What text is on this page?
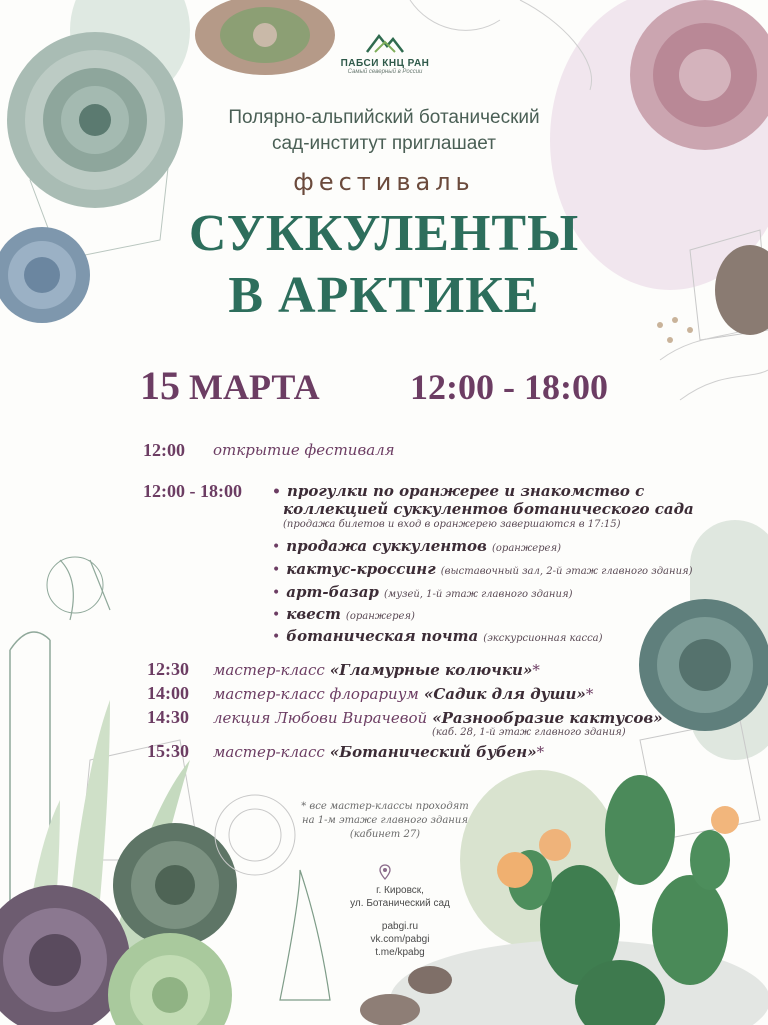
ПАБСИ КНЦ РАН
Самый северный в России
Полярно-альпийский ботанический
сад-институт приглашает
фестиваль
СУККУЛЕНТЫ
В АРКТИКЕ
15 МАРТА	12:00 - 18:00
12:00 открытие фестиваля
12:00 - 18:00 • прогулки по оранжерее и знакомство с
коллекцией суккулентов ботанического сада
(продажа билетов и вход в оранжерею завершаются в 17:15)
• продажа суккулентов (оранжерея)
• кактус-кроссинг (выставочный зал, 2-й этаж главного здания)
• арт-базар (музей, 1-й этаж главного здания)
• квест (оранжерея)
• ботаническая почта (экскурсионная касса)
12:30 мастер-класс «Гламурные колючки»*
14:00 мастер-класс флорариум «Садик для души»*
14:30 лекция Любови Вирачевой «Разнообразие кактусов»
(каб. 28, 1-й этаж главного здания)
15:30 мастер-класс «Ботанический бубен»*
* все мастер-классы проходят
на 1-м этаже главного здания
(кабинет 27)
г. Кировск,
ул. Ботанический сад
pabgi.ru
vk.com/pabgi
t.me/kpabg
